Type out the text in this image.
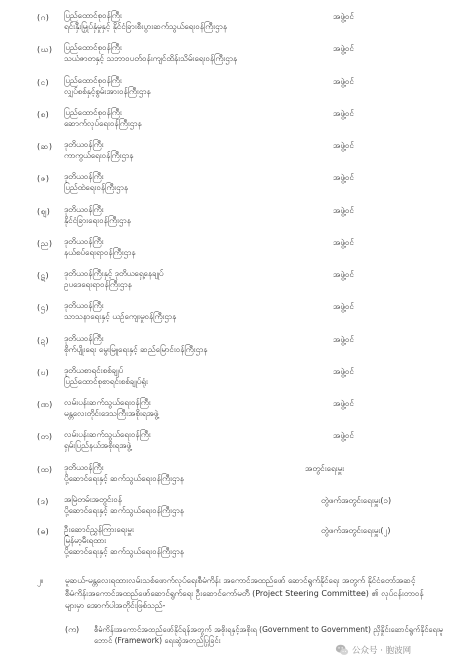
(ဂ) ပြည်ထောင်စုဝန်ကြီး
ရင်းနှီးမြှုပ်နှံမှုနှင့် နိုင်ငံခြားစီးပွားဆက်သွယ်ရေးဝန်ကြီးဌာန
အဖွဲ့ဝင်
(ဃ) ပြည်ထောင်စုဝန်ကြီး
သယံဇာတနှင့် သဘာဝပတ်ဝန်းကျင်ထိန်းသိမ်းရေးဝန်ကြီးဌာန
အဖွဲ့ဝင်
(င) ပြည်ထောင်စုဝန်ကြီး
လျှပ်စစ်နှင့်စွမ်းအားဝန်ကြီးဌာန
အဖွဲ့ဝင်
(စ) ပြည်ထောင်စုဝန်ကြီး
ဆောက်လုပ်ရေးဝန်ကြီးဌာန
အဖွဲ့ဝင်
(ဆ) ဒုတိယဝန်ကြီး
ကာကွယ်ရေးဝန်ကြီးဌာန
အဖွဲ့ဝင်
(ဇ) ဒုတိယဝန်ကြီး
ပြည်ထဲရေးဝန်ကြီးဌာန
အဖွဲ့ဝင်
(ဈ) ဒုတိယဝန်ကြီး
နိုင်ငံခြားရေးဝန်ကြီးဌာန
အဖွဲ့ဝင်
(ည) ဒုတိယဝန်ကြီး
နယ်စပ်ရေးရာဝန်ကြီးဌာန
အဖွဲ့ဝင်
(ဋ) ဒုတိယဝန်ကြီးနှင့် ဒုတိယရှေ့နေချုပ်
ဥပဒေရေးရာဝန်ကြီးဌာန
အဖွဲ့ဝင်
(ဌ) ဒုတိယဝန်ကြီး
သာသနာရေးနှင့် ယဉ်ကျေးမှုဝန်ကြီးဌာန
အဖွဲ့ဝင်
(ဍ) ဒုတိယဝန်ကြီး
စိုက်ပျိုးရေး မွေးမြူရေးနှင့် ဆည်မြောင်းဝန်ကြီးဌာန
အဖွဲ့ဝင်
(ဎ) ဒုတိယစာရင်းစစ်ချုပ်
ပြည်ထောင်စုစာရင်းစစ်ချုပ်ရုံး
အဖွဲ့ဝင်
(ဏ) လမ်းပန်းဆက်သွယ်ရေးဝန်ကြီး
မန္တလေးတိုင်းဒေသကြီးအစိုးရအဖွဲ့
အဖွဲ့ဝင်
(တ) လမ်းပန်းဆက်သွယ်ရေးဝန်ကြီး
ရှမ်းပြည်နယ်အစိုးရအဖွဲ့
အဖွဲ့ဝင်
(ထ) ဒုတိယဝန်ကြီး
ပို့ဆောင်ရေးနှင့် ဆက်သွယ်ရေးဝန်ကြီးဌာန
အတွင်းရေးမှူး
(ဒ) အမြဲတမ်းအတွင်းဝန်
ပို့ဆောင်ရေးနှင့် ဆက်သွယ်ရေးဝန်ကြီးဌာန
တွဲဖက်အတွင်းရေးမှူး(၁)
(ဓ) ဦးဆောင်ညွှန်ကြားရေးမှူး
မြန်မာ့မီးရထား
ပို့ဆောင်ရေးနှင့် ဆက်သွယ်ရေးဝန်ကြီးဌာန
တွဲဖက်အတွင်းရေးမှူး(၂)
၂။	မူဆယ်-မန္တလေးရထားလမ်းသစ်ဖောက်လုပ်ရေးစီမံကိန်း အကောင်အထည်ဖော် ဆောင်ရွက်နိုင်ရေး အတွက် နိုင်ငံတော်အဆင့် စီမံကိန်းအကောင်အထည်ဖော်ဆောင်ရွက်ရေး ဦးဆောင်ကော်မတီ (Project Steering Committee) ၏ လုပ်ငန်းတာဝန်များမှာ အောက်ပါအတိုင်းဖြစ်သည်-
(က) စီမံကိန်းအကောင်အထည်ဖော်နိုင်ရန်အတွက် အစိုးရနှင့်အစိုးရ (Government to Government) ညှိနှိုင်းဆောင်ရွက်နိုင်ရေးမူဘောင် (Framework) ရေးဆွဲအတည်ပြုခြင်း
公众号 · 胞波网
